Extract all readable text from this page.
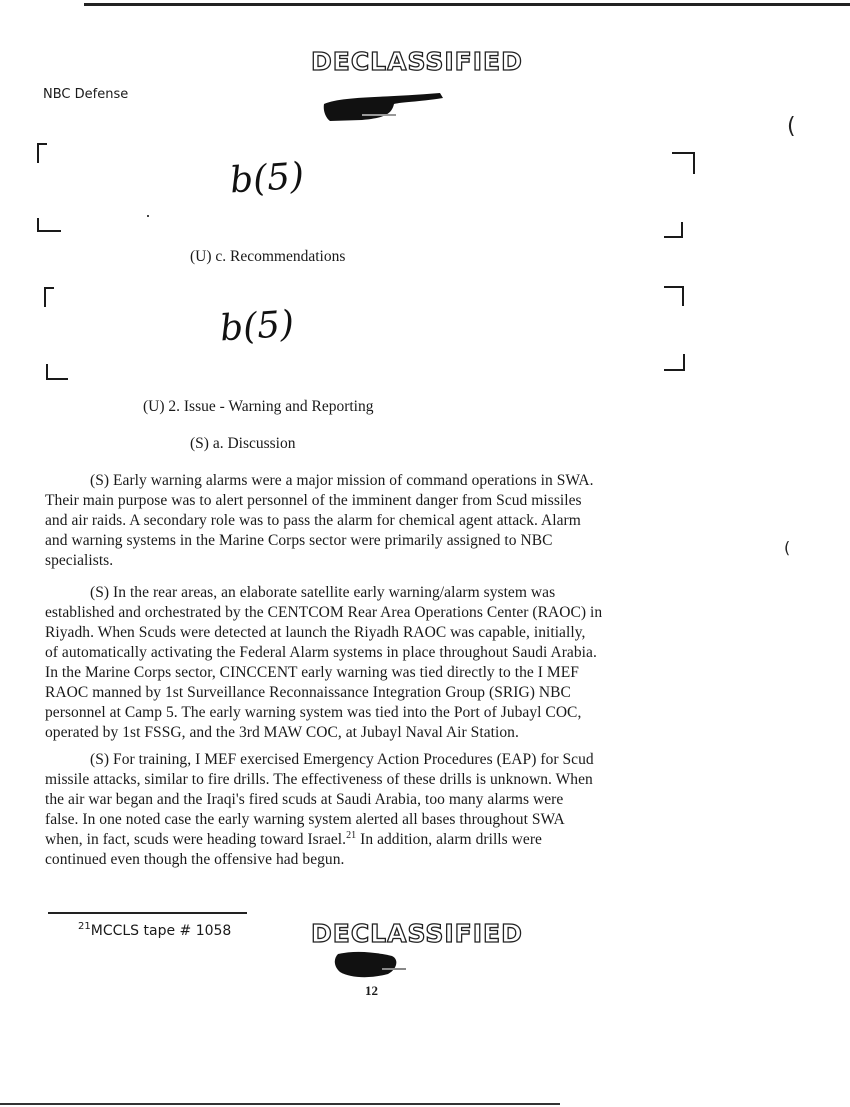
DECLASSIFIED
NBC Defense
(
(
b(5)
(U) c. Recommendations
b(5)
(U) 2. Issue - Warning and Reporting
(S) a. Discussion
(S) Early warning alarms were a major mission of command operations in SWA.
Their main purpose was to alert personnel of the imminent danger from Scud missiles
and air raids. A secondary role was to pass the alarm for chemical agent attack. Alarm
and warning systems in the Marine Corps sector were primarily assigned to NBC
specialists.
(S) In the rear areas, an elaborate satellite early warning/alarm system was
established and orchestrated by the CENTCOM Rear Area Operations Center (RAOC) in
Riyadh. When Scuds were detected at launch the Riyadh RAOC was capable, initially,
of automatically activating the Federal Alarm systems in place throughout Saudi Arabia.
In the Marine Corps sector, CINCCENT early warning was tied directly to the I MEF
RAOC manned by 1st Surveillance Reconnaissance Integration Group (SRIG) NBC
personnel at Camp 5. The early warning system was tied into the Port of Jubayl COC,
operated by 1st FSSG, and the 3rd MAW COC, at Jubayl Naval Air Station.
(S) For training, I MEF exercised Emergency Action Procedures (EAP) for Scud
missile attacks, similar to fire drills. The effectiveness of these drills is unknown. When
the air war began and the Iraqi's fired scuds at Saudi Arabia, too many alarms were
false. In one noted case the early warning system alerted all bases throughout SWA
when, in fact, scuds were heading toward Israel.$^{21}$ In addition, alarm drills were
continued even though the offensive had begun.
$^{21}$MCCLS tape # 1058	DECLASSIFIED
12
